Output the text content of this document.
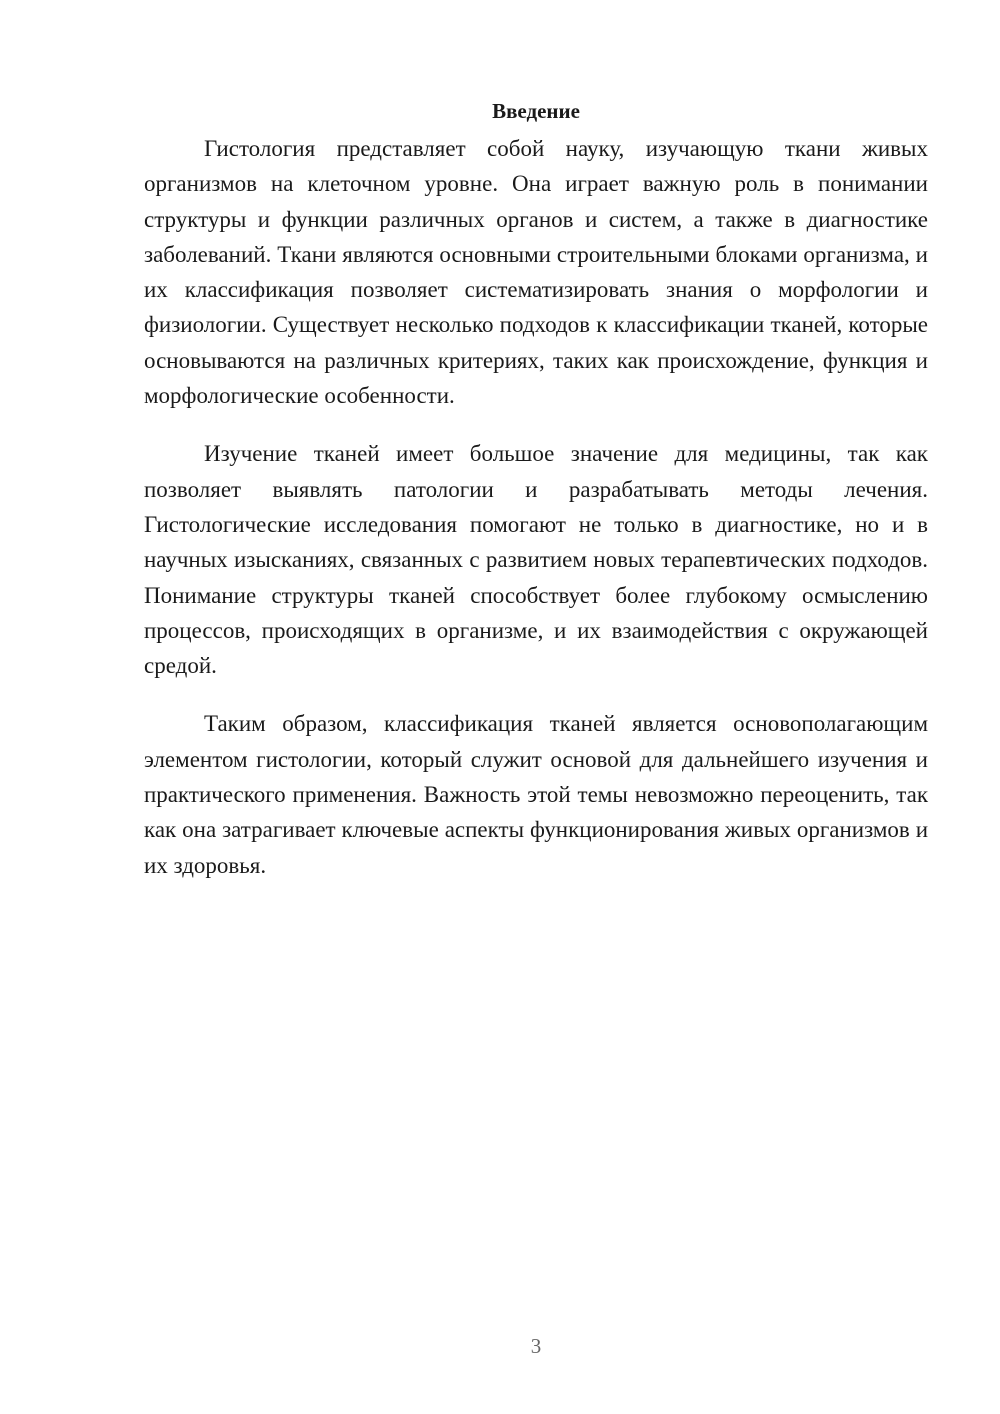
Введение

Гистология представляет собой науку, изучающую ткани живых организмов на клеточном уровне. Она играет важную роль в понимании структуры и функции различных органов и систем, а также в диагностике заболеваний. Ткани являются основными строительными блоками организма, и их классификация позволяет систематизировать знания о морфологии и физиологии. Существует несколько подходов к классификации тканей, которые основываются на различных критериях, таких как происхождение, функция и морфологические особенности.

Изучение тканей имеет большое значение для медицины, так как позволяет выявлять патологии и разрабатывать методы лечения. Гистологические исследования помогают не только в диагностике, но и в научных изысканиях, связанных с развитием новых терапевтических подходов. Понимание структуры тканей способствует более глубокому осмыслению процессов, происходящих в организме, и их взаимодействия с окружающей средой.

Таким образом, классификация тканей является основополагающим элементом гистологии, который служит основой для дальнейшего изучения и практического применения. Важность этой темы невозможно переоценить, так как она затрагивает ключевые аспекты функционирования живых организмов и их здоровья.

3
